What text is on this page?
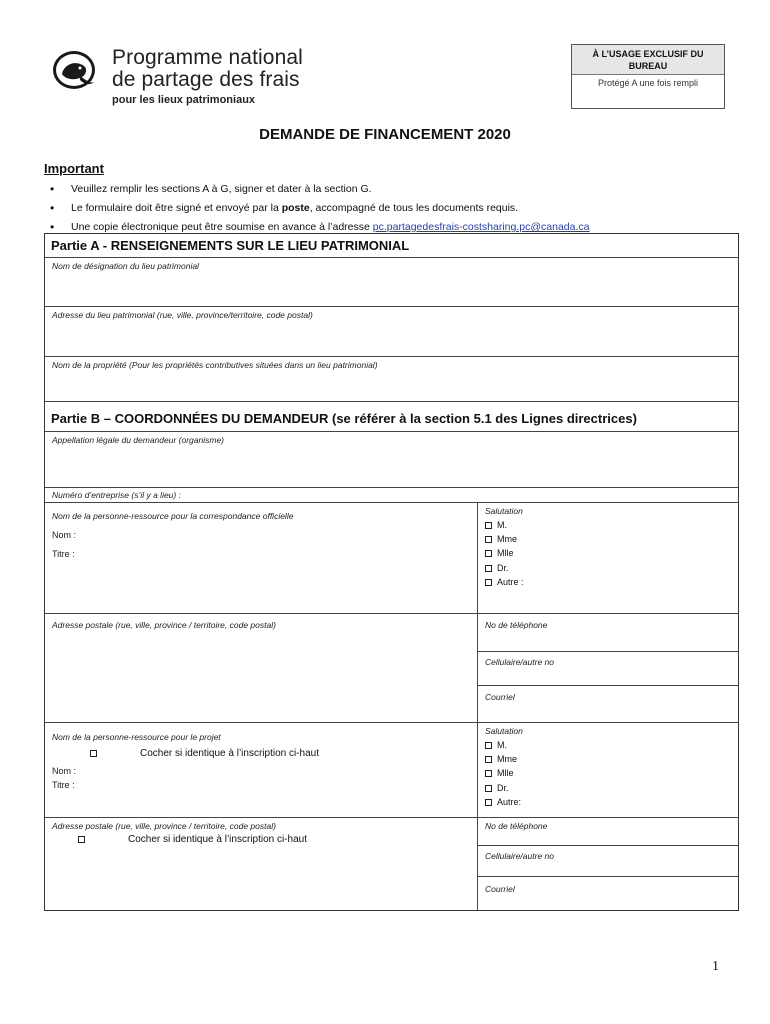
Programme national
de partage des frais
pour les lieux patrimoniaux
À L’USAGE EXCLUSIF DU BUREAU
Protégé A une fois rempli
DEMANDE DE FINANCEMENT 2020
Important
• Veuillez remplir les sections A à G, signer et dater à la section G.
• Le formulaire doit être signé et envoyé par la poste, accompagné de tous les documents requis.
• Une copie électronique peut être soumise en avance à l’adresse pc.partagedesfrais-costsharing.pc@canada.ca
Partie A - RENSEIGNEMENTS SUR LE LIEU PATRIMONIAL
Nom de désignation du lieu patrimonial
Adresse du lieu patrimonial (rue, ville, province/territoire, code postal)
Nom de la propriété (Pour les propriétés contributives situées dans un lieu patrimonial)
Partie B – COORDONNÉES DU DEMANDEUR (se référer à la section 5.1 des Lignes directrices)
Appellation légale du demandeur (organisme)
Numéro d’entreprise (s’il y a lieu) :
Nom de la personne-ressource pour la correspondance officielle
Nom :
Titre :
Salutation
M.
Mme
Mlle
Dr.
Autre :
Adresse postale (rue, ville, province / territoire, code postal)	No de téléphone
Cellulaire/autre no
Courriel
Nom de la personne-ressource pour le projet
Cocher si identique à l’inscription ci-haut
Nom :
Titre :
Salutation
M.
Mme
Mlle
Dr.
Autre:
Adresse postale (rue, ville, province / territoire, code postal)
Cocher si identique à l’inscription ci-haut
No de téléphone
Cellulaire/autre no
Courriel
1
